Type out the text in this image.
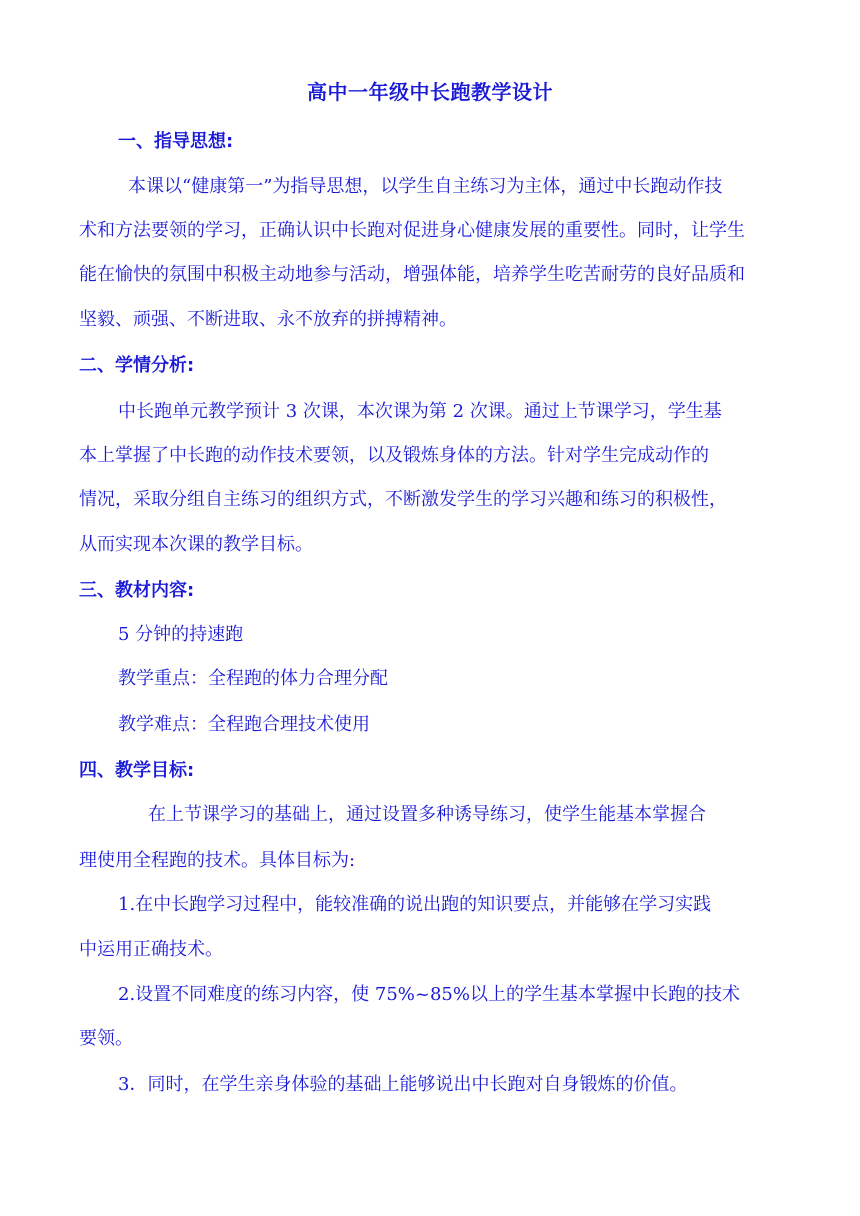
高中一年级中长跑教学设计
一、指导思想:
本课以“健康第一”为指导思想，以学生自主练习为主体，通过中长跑动作技
术和方法要领的学习，正确认识中长跑对促进身心健康发展的重要性。同时，让学生
能在愉快的氛围中积极主动地参与活动，增强体能，培养学生吃苦耐劳的良好品质和
坚毅、顽强、不断进取、永不放弃的拼搏精神。
二、学情分析:
中长跑单元教学预计 3 次课，本次课为第 2 次课。通过上节课学习，学生基
本上掌握了中长跑的动作技术要领，以及锻炼身体的方法。针对学生完成动作的
情况，采取分组自主练习的组织方式，不断激发学生的学习兴趣和练习的积极性，
从而实现本次课的教学目标。
三、教材内容:
5 分钟的持速跑
教学重点：全程跑的体力合理分配
教学难点：全程跑合理技术使用
四、教学目标:
在上节课学习的基础上，通过设置多种诱导练习，使学生能基本掌握合
理使用全程跑的技术。具体目标为:
1.在中长跑学习过程中，能较准确的说出跑的知识要点，并能够在学习实践
中运用正确技术。
2.设置不同难度的练习内容，使 75%~85%以上的学生基本掌握中长跑的技术
要领。
3．同时，在学生亲身体验的基础上能够说出中长跑对自身锻炼的价值。
